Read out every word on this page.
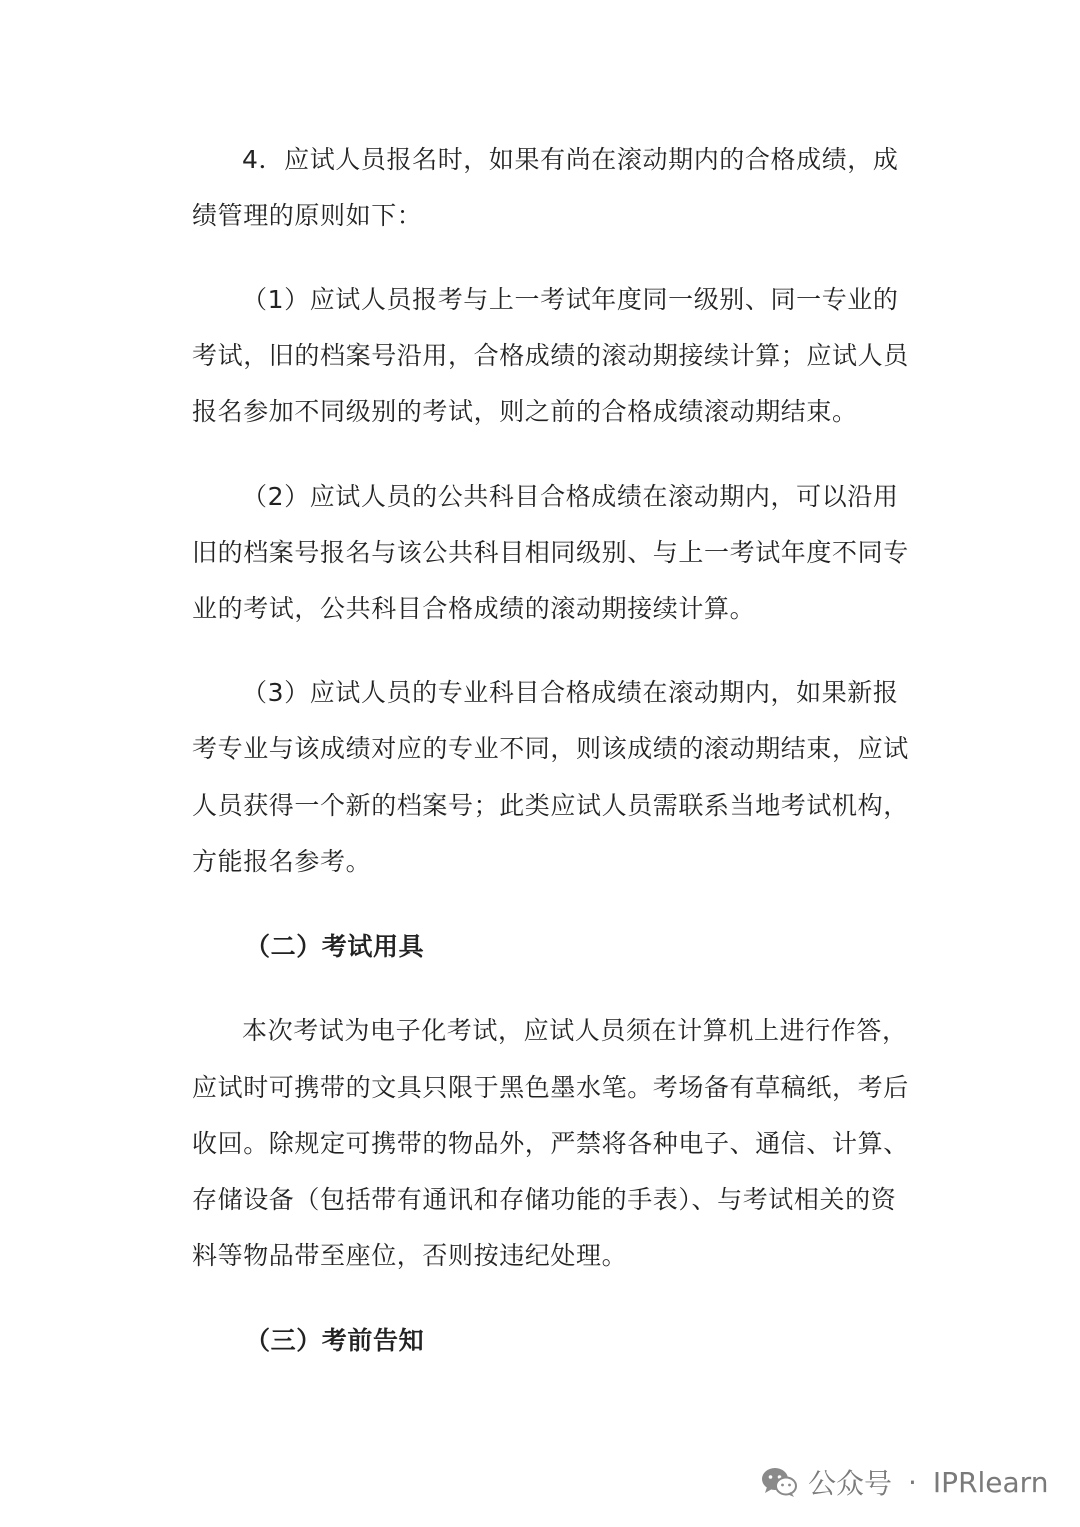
4．应试人员报名时，如果有尚在滚动期内的合格成绩，成
绩管理的原则如下：
（1）应试人员报考与上一考试年度同一级别、同一专业的
考试，旧的档案号沿用，合格成绩的滚动期接续计算；应试人员
报名参加不同级别的考试，则之前的合格成绩滚动期结束。
（2）应试人员的公共科目合格成绩在滚动期内，可以沿用
旧的档案号报名与该公共科目相同级别、与上一考试年度不同专
业的考试，公共科目合格成绩的滚动期接续计算。
（3）应试人员的专业科目合格成绩在滚动期内，如果新报
考专业与该成绩对应的专业不同，则该成绩的滚动期结束，应试
人员获得一个新的档案号；此类应试人员需联系当地考试机构，
方能报名参考。
（二）考试用具
本次考试为电子化考试，应试人员须在计算机上进行作答，
应试时可携带的文具只限于黑色墨水笔。考场备有草稿纸，考后
收回。除规定可携带的物品外，严禁将各种电子、通信、计算、
存储设备（包括带有通讯和存储功能的手表）、与考试相关的资
料等物品带至座位，否则按违纪处理。
（三）考前告知
公众号 · IPRlearn
